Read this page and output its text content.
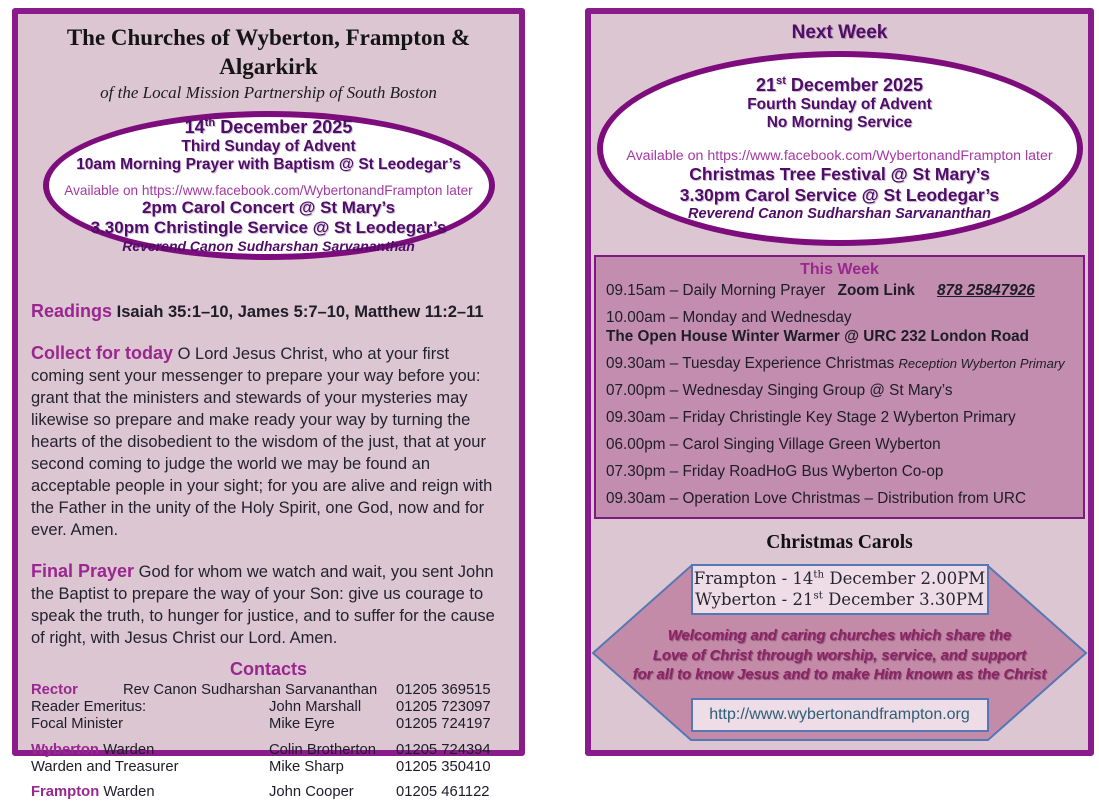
The Churches of Wyberton, Frampton & Algarkirk
of the Local Mission Partnership of South Boston
14th December 2025
Third Sunday of Advent
10am Morning Prayer with Baptism @ St Leodegar’s
Available on https://www.facebook.com/WybertonandFrampton later
2pm Carol Concert @ St Mary’s
3.30pm Christingle Service @ St Leodegar’s
Reverend Canon Sudharshan Sarvananthan
Readings Isaiah 35:1–10, James 5:7–10, Matthew 11:2–11
Collect for today O Lord Jesus Christ, who at your first coming sent your messenger to prepare your way before you: grant that the ministers and stewards of your mysteries may likewise so prepare and make ready your way by turning the hearts of the disobedient to the wisdom of the just, that at your second coming to judge the world we may be found an acceptable people in your sight; for you are alive and reign with the Father in the unity of the Holy Spirit, one God, now and for ever. Amen.
Final Prayer God for whom we watch and wait, you sent John the Baptist to prepare the way of your Son: give us courage to speak the truth, to hunger for justice, and to suffer for the cause of right, with Jesus Christ our Lord. Amen.
Contacts
Rector	Rev Canon Sudharshan Sarvananthan	01205 369515
Reader Emeritus:	John Marshall	01205 723097
Focal Minister	Mike Eyre	01205 724197
Wyberton Warden	Colin Brotherton	01205 724394
Warden and Treasurer	Mike Sharp	01205 350410
Frampton Warden	John Cooper	01205 461122
Next Week
21st December 2025
Fourth Sunday of Advent
No Morning Service
Available on https://www.facebook.com/WybertonandFrampton later
Christmas Tree Festival @ St Mary’s
3.30pm Carol Service @ St Leodegar’s
Reverend Canon Sudharshan Sarvananthan
This Week
09.15am – Daily Morning Prayer Zoom Link 878 25847926
10.00am – Monday and Wednesday
The Open House Winter Warmer @ URC 232 London Road
09.30am – Tuesday Experience Christmas Reception Wyberton Primary
07.00pm – Wednesday Singing Group @ St Mary’s
09.30am – Friday Christingle Key Stage 2 Wyberton Primary
06.00pm – Carol Singing Village Green Wyberton
07.30pm – Friday RoadHoG Bus Wyberton Co-op
09.30am – Operation Love Christmas – Distribution from URC
Christmas Carols
Frampton - 14th December 2.00PM
Wyberton - 21st December 3.30PM
Welcoming and caring churches which share the
Love of Christ through worship, service, and support
for all to know Jesus and to make Him known as the Christ
http://www.wybertonandframpton.org
